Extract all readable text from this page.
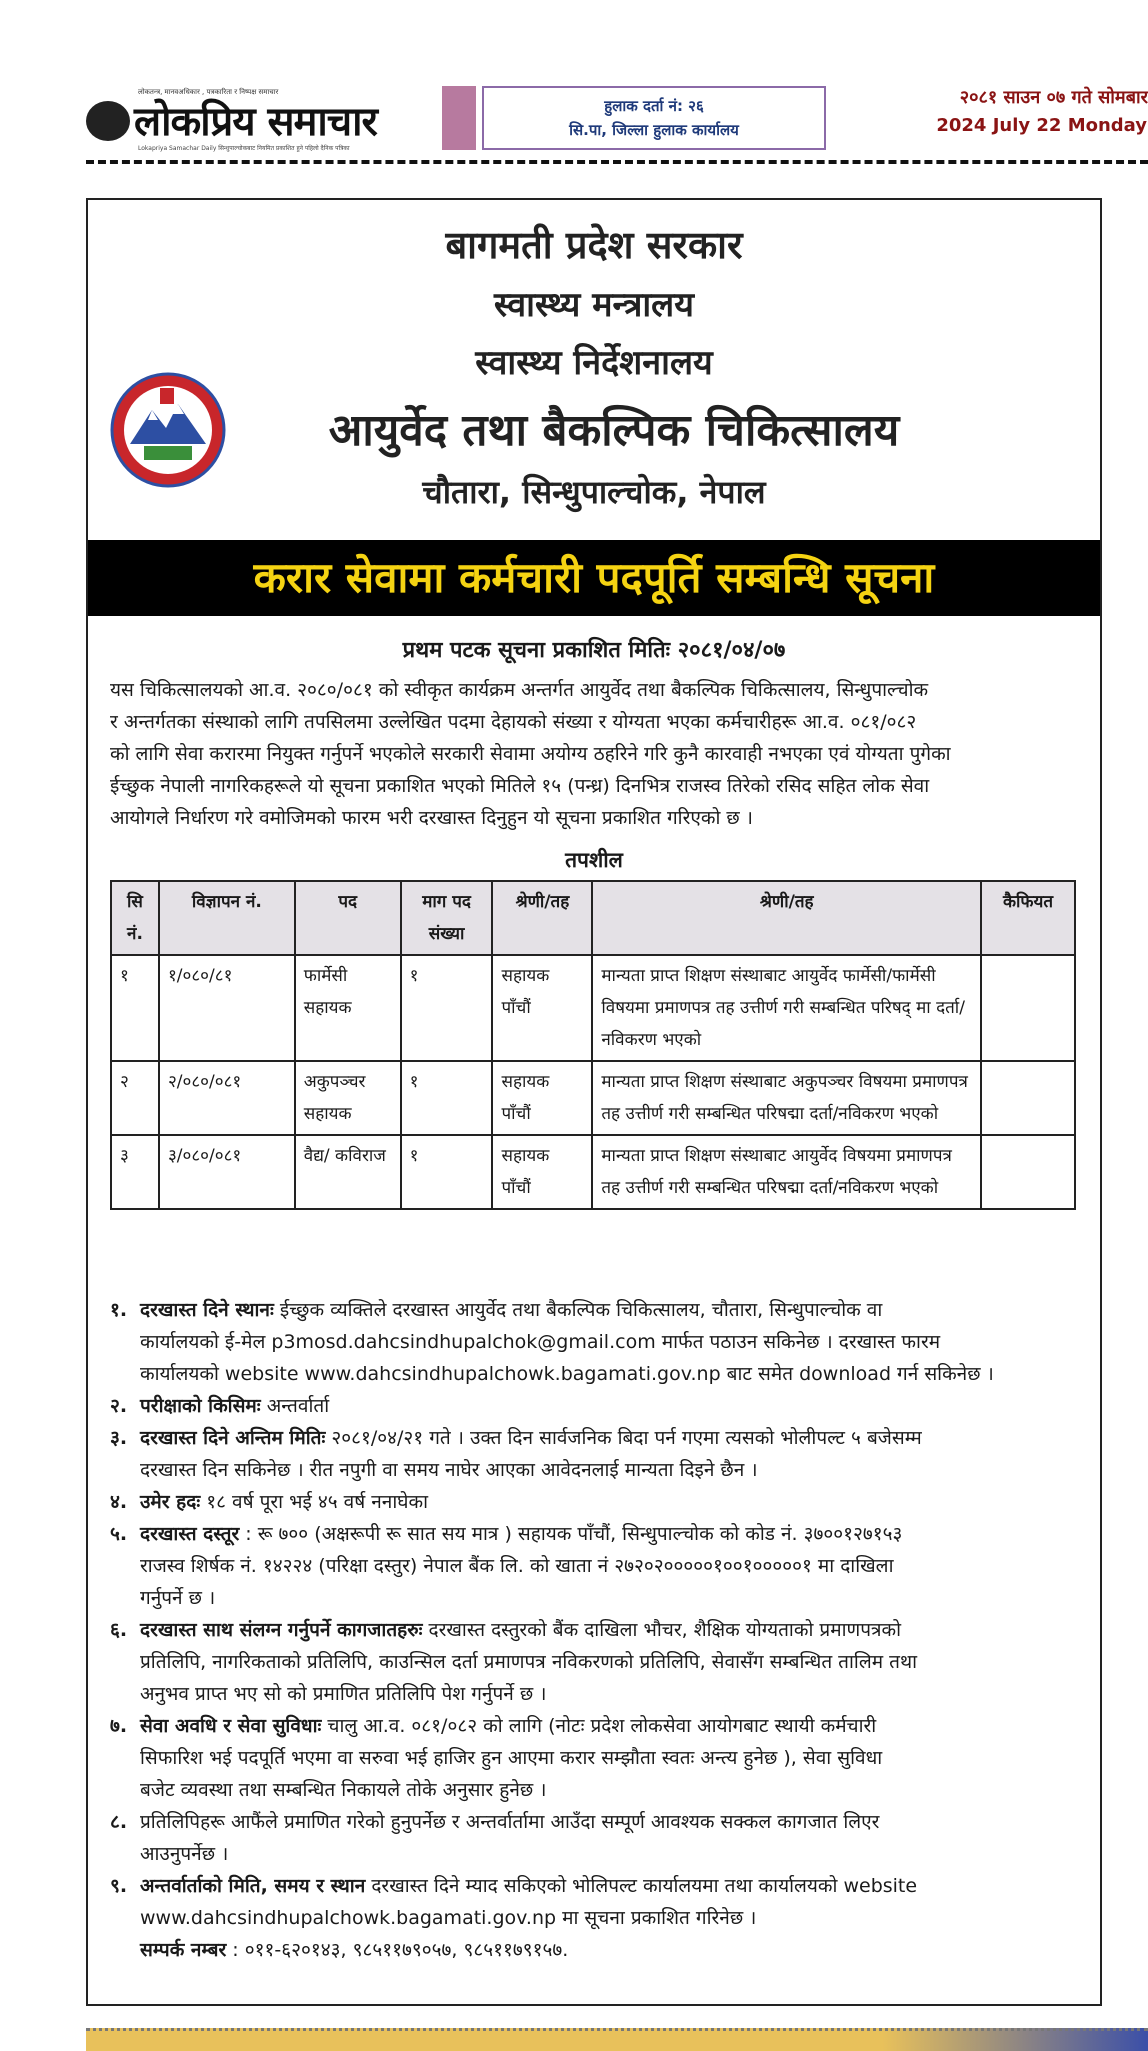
लोकतन्त्र, मानवअधिकार , पत्रकारिता र निष्पक्ष समाचार
लोकप्रिय समाचार
Lokapriya Samachar Daily सिन्धुपाल्चोकबाट नियमित प्रकाशित हुने पहिलो दैनिक पत्रिका
हुलाक दर्ता नं: २६
सि.पा, जिल्ला हुलाक कार्यालय
२०८१ साउन ०७ गते सोमबार
2024 July 22 Monday
बागमती प्रदेश सरकार
स्वास्थ्य मन्त्रालय
स्वास्थ्य निर्देशनालय
आयुर्वेद तथा बैकल्पिक चिकित्सालय
चौतारा, सिन्धुपाल्चोक, नेपाल
करार सेवामा कर्मचारी पदपूर्ति सम्बन्धि सूचना
प्रथम पटक सूचना प्रकाशित मितिः २०८१/०४/०७
यस चिकित्सालयको आ.व. २०८०/०८१ को स्वीकृत कार्यक्रम अन्तर्गत आयुर्वेद तथा बैकल्पिक चिकित्सालय, सिन्धुपाल्चोक
र अन्तर्गतका संस्थाको लागि तपसिलमा उल्लेखित पदमा देहायको संख्या र योग्यता भएका कर्मचारीहरू आ.व. ०८१/०८२
को लागि सेवा करारमा नियुक्त गर्नुपर्ने भएकोले सरकारी सेवामा अयोग्य ठहरिने गरि कुनै कारवाही नभएका एवं योग्यता पुगेका
ईच्छुक नेपाली नागरिकहरूले यो सूचना प्रकाशित भएको मितिले १५ (पन्ध्र) दिनभित्र राजस्व तिरेको रसिद सहित लोक सेवा
आयोगले निर्धारण गरे वमोजिमको फारम भरी दरखास्त दिनुहुन यो सूचना प्रकाशित गरिएको छ ।
तपशील
सि नं.	विज्ञापन नं.	पद	माग पद संख्या	श्रेणी/तह	श्रेणी/तह	कैफियत
१	१/०८०/८१	फार्मेसी सहायक	१	सहायक पाँचौं	मान्यता प्राप्त शिक्षण संस्थाबाट आयुर्वेद फार्मेसी/फार्मेसी विषयमा प्रमाणपत्र तह उत्तीर्ण गरी सम्बन्धित परिषद् मा दर्ता/नविकरण भएको	
२	२/०८०/०८१	अकुपञ्चर सहायक	१	सहायक पाँचौं	मान्यता प्राप्त शिक्षण संस्थाबाट अकुपञ्चर विषयमा प्रमाणपत्र तह उत्तीर्ण गरी सम्बन्धित परिषद्मा दर्ता/नविकरण भएको	
३	३/०८०/०८१	वैद्य/ कविराज	१	सहायक पाँचौं	मान्यता प्राप्त शिक्षण संस्थाबाट आयुर्वेद विषयमा प्रमाणपत्र तह उत्तीर्ण गरी सम्बन्धित परिषद्मा दर्ता/नविकरण भएको	
१. दरखास्त दिने स्थानः ईच्छुक व्यक्तिले दरखास्त आयुर्वेद तथा बैकल्पिक चिकित्सालय, चौतारा, सिन्धुपाल्चोक वा
कार्यालयको ई-मेल p3mosd.dahcsindhupalchok@gmail.com मार्फत पठाउन सकिनेछ । दरखास्त फारम
कार्यालयको website www.dahcsindhupalchowk.bagamati.gov.np बाट समेत download गर्न सकिनेछ ।
२. परीक्षाको किसिमः अन्तर्वार्ता
३. दरखास्त दिने अन्तिम मितिः २०८१/०४/२१ गते । उक्त दिन सार्वजनिक बिदा पर्न गएमा त्यसको भोलीपल्ट ५ बजेसम्म
दरखास्त दिन सकिनेछ । रीत नपुगी वा समय नाघेर आएका आवेदनलाई मान्यता दिइने छैन ।
४. उमेर हदः १८ वर्ष पूरा भई ४५ वर्ष ननाघेका
५. दरखास्त दस्तूर : रू ७०० (अक्षरूपी रू सात सय मात्र ) सहायक पाँचौं, सिन्धुपाल्चोक को कोड नं. ३७००१२७१५३
राजस्व शिर्षक नं. १४२२४ (परिक्षा दस्तुर) नेपाल बैंक लि. को खाता नं २७२०२०००००१००१०००००१ मा दाखिला
गर्नुपर्ने छ ।
६. दरखास्त साथ संलग्न गर्नुपर्ने कागजातहरुः दरखास्त दस्तुरको बैंक दाखिला भौचर, शैक्षिक योग्यताको प्रमाणपत्रको
प्रतिलिपि, नागरिकताको प्रतिलिपि, काउन्सिल दर्ता प्रमाणपत्र नविकरणको प्रतिलिपि, सेवासँग सम्बन्धित तालिम तथा
अनुभव प्राप्त भए सो को प्रमाणित प्रतिलिपि पेश गर्नुपर्ने छ ।
७. सेवा अवधि र सेवा सुविधाः चालु आ.व. ०८१/०८२ को लागि (नोटः प्रदेश लोकसेवा आयोगबाट स्थायी कर्मचारी
सिफारिश भई पदपूर्ति भएमा वा सरुवा भई हाजिर हुन आएमा करार सम्झौता स्वतः अन्त्य हुनेछ ), सेवा सुविधा
बजेट व्यवस्था तथा सम्बन्धित निकायले तोके अनुसार हुनेछ ।
८. प्रतिलिपिहरू आफैंले प्रमाणित गरेको हुनुपर्नेछ र अन्तर्वार्तामा आउँदा सम्पूर्ण आवश्यक सक्कल कागजात लिएर
आउनुपर्नेछ ।
९. अन्तर्वार्ताको मिति, समय र स्थान दरखास्त दिने म्याद सकिएको भोलिपल्ट कार्यालयमा तथा कार्यालयको website
www.dahcsindhupalchowk.bagamati.gov.np मा सूचना प्रकाशित गरिनेछ ।
सम्पर्क नम्बर : ०११-६२०१४३, ९८५११७९०५७, ९८५११७९१५७.
